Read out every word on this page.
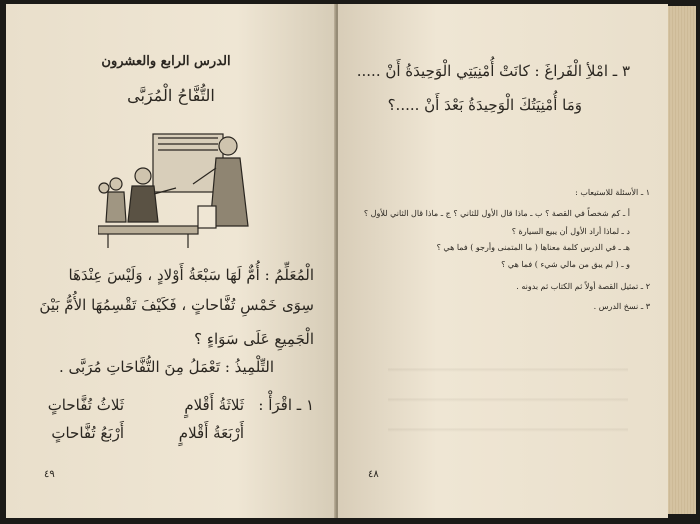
الدرس الرابع والعشرون
التُّفَّاحُ الْمُرَبَّى
الْمُعَلِّمُ : أُمٌّ لَهَا سَبْعَةُ أَوْلادٍ ، وَلَيْسَ عِنْدَهَا
سِوَى خَمْسِ تُفَّاحاتٍ ، فَكَيْفَ تَقْسِمُهَا الأُمُّ بَيْنَ
الْجَمِيعِ عَلَى سَوَاءٍ ؟
التِّلْمِيذُ : تَعْمَلُ مِنَ التُّفَّاحَاتِ مُرَبَّى .
١ ـ اقْرَأْ :
ثَلاثَةُ أَقْلامٍ
ثَلاثُ تُفَّاحاتٍ
أَرْبَعَةُ أَقْلامٍ
أَرْبَعُ تُفَّاحاتٍ
٤٩
٣ ـ امْلأِ الْفَراغَ : كانَتْ أُمْنِيَتِي الْوَحِيدَةُ أَنْ .....
وَمَا أُمْنِيَتُكَ الْوَحِيدَةُ بَعْدَ أَنْ .....؟
١ ـ الأسئلة للاستيعاب :
أ ـ كم شخصاً في القصة ؟ ب ـ ماذا قال الأول للثاني ؟ ج ـ ماذا قال الثاني للأول ؟
د ـ لماذا أراد الأول أن يبيع السيارة ؟
هـ ـ في الدرس كلمة معناها ( ما المتمنى وأرجو ) فما هي ؟
و ـ ( لم يبق من مالي شيء ) فما هي ؟
٢ ـ تمثيل القصة أولاً ثم الكتاب ثم بدونه .
٣ ـ نسخ الدرس .
٤٨
